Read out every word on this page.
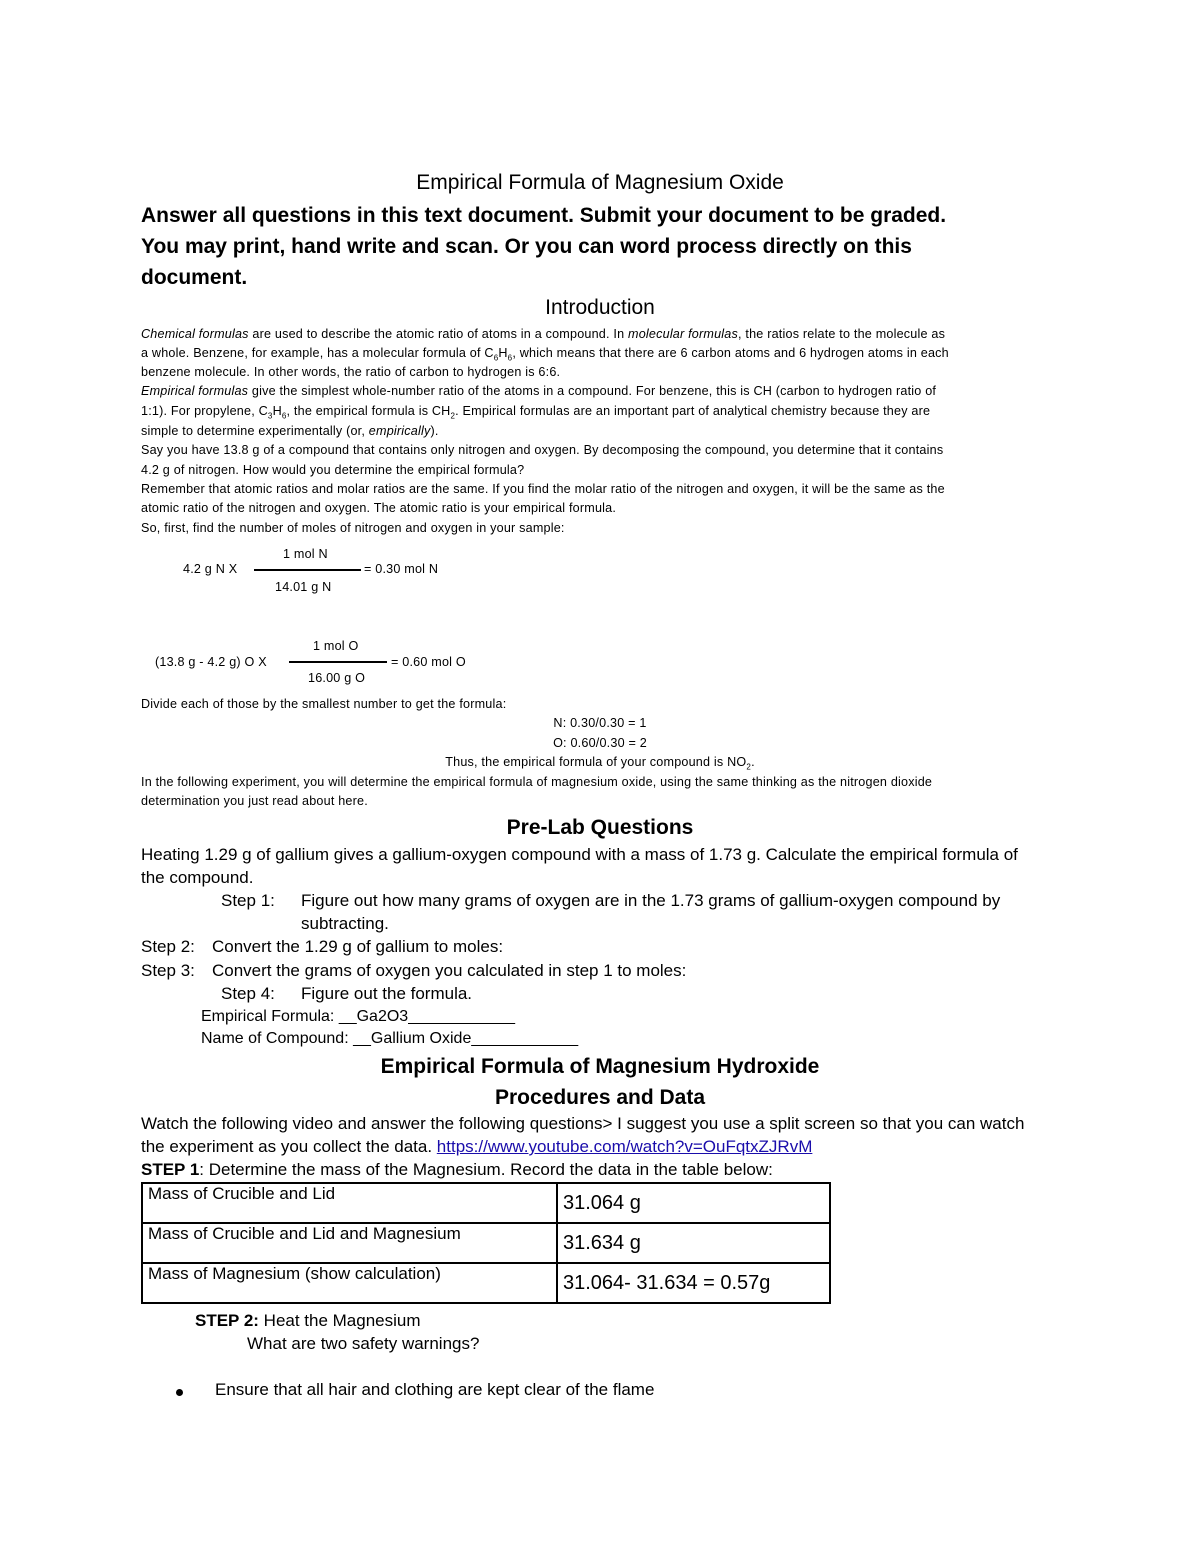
Empirical Formula of Magnesium Oxide
Answer all questions in this text document. Submit your document to be graded.
You may print, hand write and scan. Or you can word process directly on this
document.
Introduction
Chemical formulas are used to describe the atomic ratio of atoms in a compound. In molecular formulas, the ratios relate to the molecule as
a whole. Benzene, for example, has a molecular formula of $C_6H_6$, which means that there are 6 carbon atoms and 6 hydrogen atoms in each
benzene molecule. In other words, the ratio of carbon to hydrogen is 6:6.
Empirical formulas give the simplest whole-number ratio of the atoms in a compound. For benzene, this is CH (carbon to hydrogen ratio of
1:1). For propylene, $C_3H_6$, the empirical formula is $CH_2$. Empirical formulas are an important part of analytical chemistry because they are
simple to determine experimentally (or, empirically).
Say you have 13.8 g of a compound that contains only nitrogen and oxygen. By decomposing the compound, you determine that it contains
4.2 g of nitrogen. How would you determine the empirical formula?
Remember that atomic ratios and molar ratios are the same. If you find the molar ratio of the nitrogen and oxygen, it will be the same as the
atomic ratio of the nitrogen and oxygen. The atomic ratio is your empirical formula.
So, first, find the number of moles of nitrogen and oxygen in your sample:
4.2 g N X
1 mol N
14.01 g N
= 0.30 mol N
(13.8 g - 4.2 g) O X
1 mol O
16.00 g O
= 0.60 mol O
Divide each of those by the smallest number to get the formula:
N: 0.30/0.30 = 1
O: 0.60/0.30 = 2
Thus, the empirical formula of your compound is $NO_2$.
In the following experiment, you will determine the empirical formula of magnesium oxide, using the same thinking as the nitrogen dioxide
determination you just read about here.
Pre-Lab Questions
Heating 1.29 g of gallium gives a gallium-oxygen compound with a mass of 1.73 g. Calculate the empirical formula of
the compound.
Step 1: Figure out how many grams of oxygen are in the 1.73 grams of gallium-oxygen compound by
subtracting.
Step 2: Convert the 1.29 g of gallium to moles:
Step 3: Convert the grams of oxygen you calculated in step 1 to moles:
Step 4: Figure out the formula.
Empirical Formula: __Ga2O3____________
Name of Compound: __Gallium Oxide____________
Empirical Formula of Magnesium Hydroxide
Procedures and Data
Watch the following video and answer the following questions> I suggest you use a split screen so that you can watch
the experiment as you collect the data. https://www.youtube.com/watch?v=OuFqtxZJRvM
STEP 1: Determine the mass of the Magnesium. Record the data in the table below:
Mass of Crucible and Lid	31.064 g
Mass of Crucible and Lid and Magnesium	31.634 g
Mass of Magnesium (show calculation)	31.064- 31.634 = 0.57g
STEP 2: Heat the Magnesium
What are two safety warnings?
Ensure that all hair and clothing are kept clear of the flame
